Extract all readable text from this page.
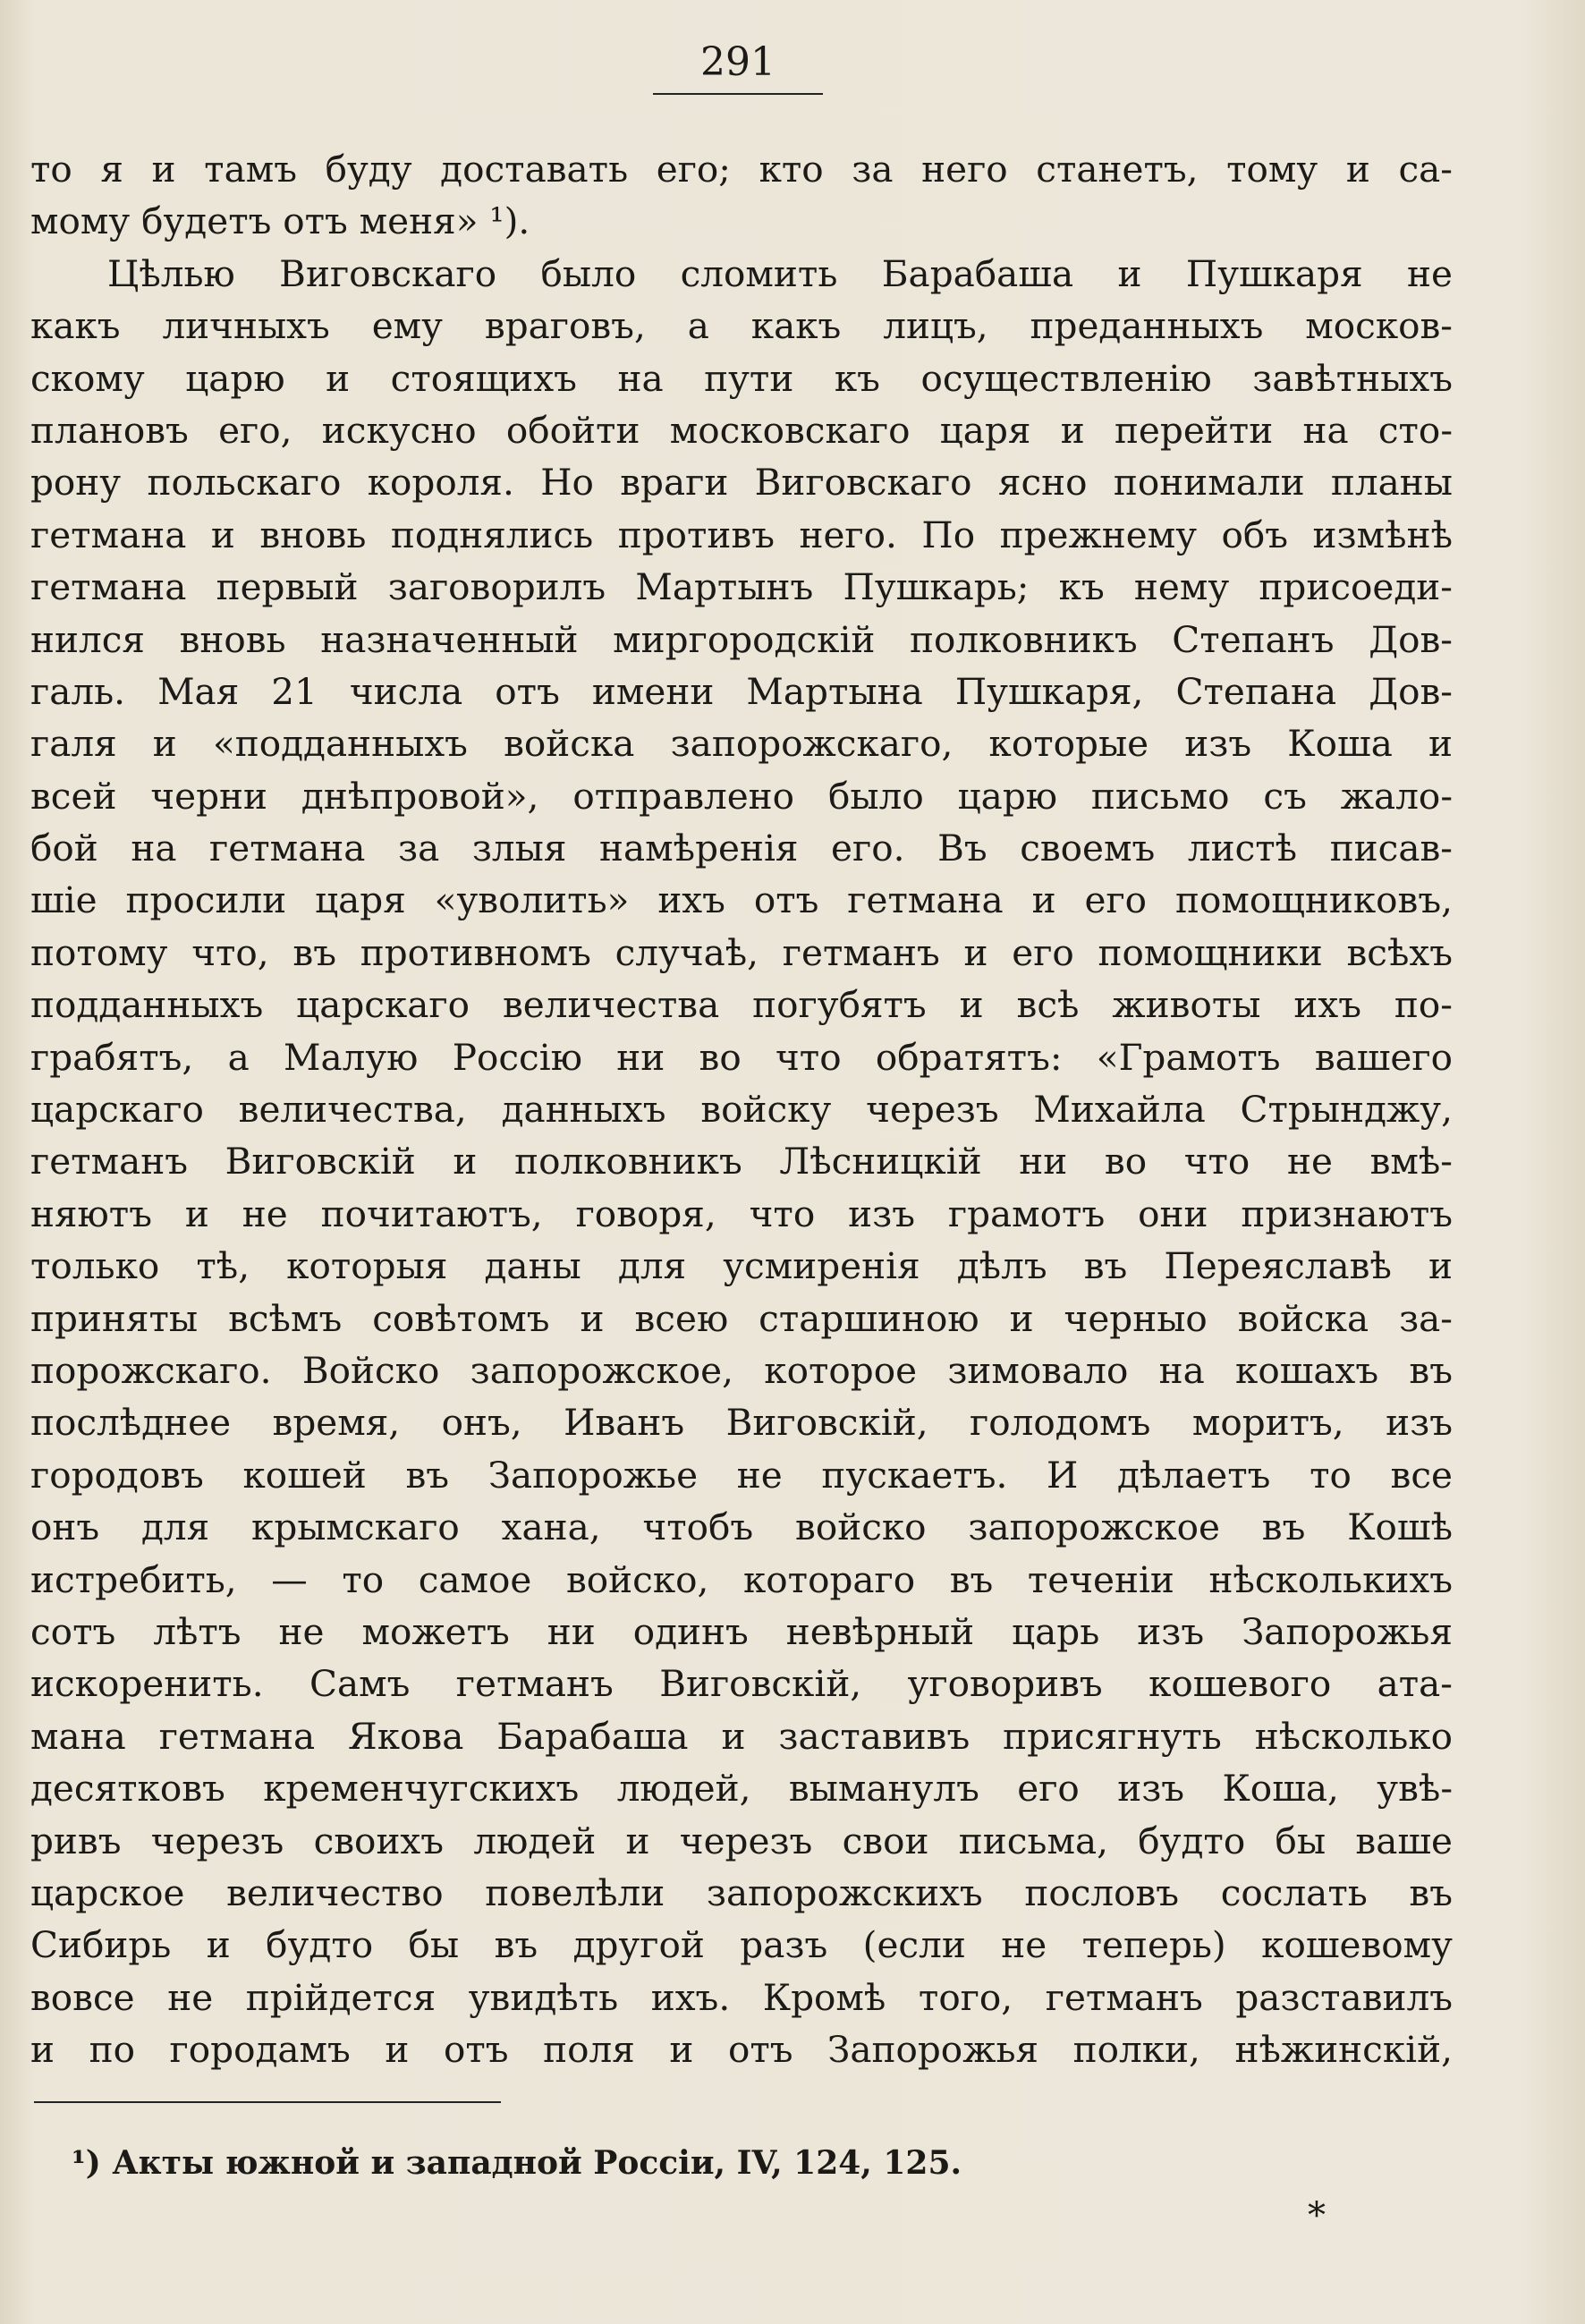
291
то я и тамъ буду доставать его; кто за него станетъ, тому и са-
мому будетъ отъ меня» ¹).
Цѣлью Виговскаго было сломить Барабаша и Пушкаря не
какъ личныхъ ему враговъ, а какъ лицъ, преданныхъ москов-
скому царю и стоящихъ на пути къ осуществленію завѣтныхъ
плановъ его, искусно обойти московскаго царя и перейти на сто-
рону польскаго короля. Но враги Виговскаго ясно понимали планы
гетмана и вновь поднялись противъ него. По прежнему объ измѣнѣ
гетмана первый заговорилъ Мартынъ Пушкарь; къ нему присоеди-
нился вновь назначенный миргородскій полковникъ Степанъ Дов-
галь. Мая 21 числа отъ имени Мартына Пушкаря, Степана Дов-
галя и «подданныхъ войска запорожскаго, которые изъ Коша и
всей черни днѣпровой», отправлено было царю письмо съ жало-
бой на гетмана за злыя намѣренія его. Въ своемъ листѣ писав-
шіе просили царя «уволить» ихъ отъ гетмана и его помощниковъ,
потому что, въ противномъ случаѣ, гетманъ и его помощники всѣхъ
подданныхъ царскаго величества погубятъ и всѣ животы ихъ по-
грабятъ, а Малую Россію ни во что обратятъ: «Грамотъ вашего
царскаго величества, данныхъ войску черезъ Михайла Стрынджу,
гетманъ Виговскій и полковникъ Лѣсницкій ни во что не вмѣ-
няютъ и не почитаютъ, говоря, что изъ грамотъ они признаютъ
только тѣ, которыя даны для усмиренія дѣлъ въ Переяславѣ и
приняты всѣмъ совѣтомъ и всею старшиною и черныо войска за-
порожскаго. Войско запорожское, которое зимовало на кошахъ въ
послѣднее время, онъ, Иванъ Виговскій, голодомъ моритъ, изъ
городовъ кошей въ Запорожье не пускаетъ. И дѣлаетъ то все
онъ для крымскаго хана, чтобъ войско запорожское въ Кошѣ
истребить, — то самое войско, котораго въ теченіи нѣсколькихъ
сотъ лѣтъ не можетъ ни одинъ невѣрный царь изъ Запорожья
искоренить. Самъ гетманъ Виговскій, уговоривъ кошевого ата-
мана гетмана Якова Барабаша и заставивъ присягнуть нѣсколько
десятковъ кременчугскихъ людей, выманулъ его изъ Коша, увѣ-
ривъ черезъ своихъ людей и черезъ свои письма, будто бы ваше
царское величество повелѣли запорожскихъ пословъ сослать въ
Сибирь и будто бы въ другой разъ (если не теперь) кошевому
вовсе не прійдется увидѣть ихъ. Кромѣ того, гетманъ разставилъ
и по городамъ и отъ поля и отъ Запорожья полки, нѣжинскій,
¹) Акты южной и западной Россіи, IV, 124, 125.
*
